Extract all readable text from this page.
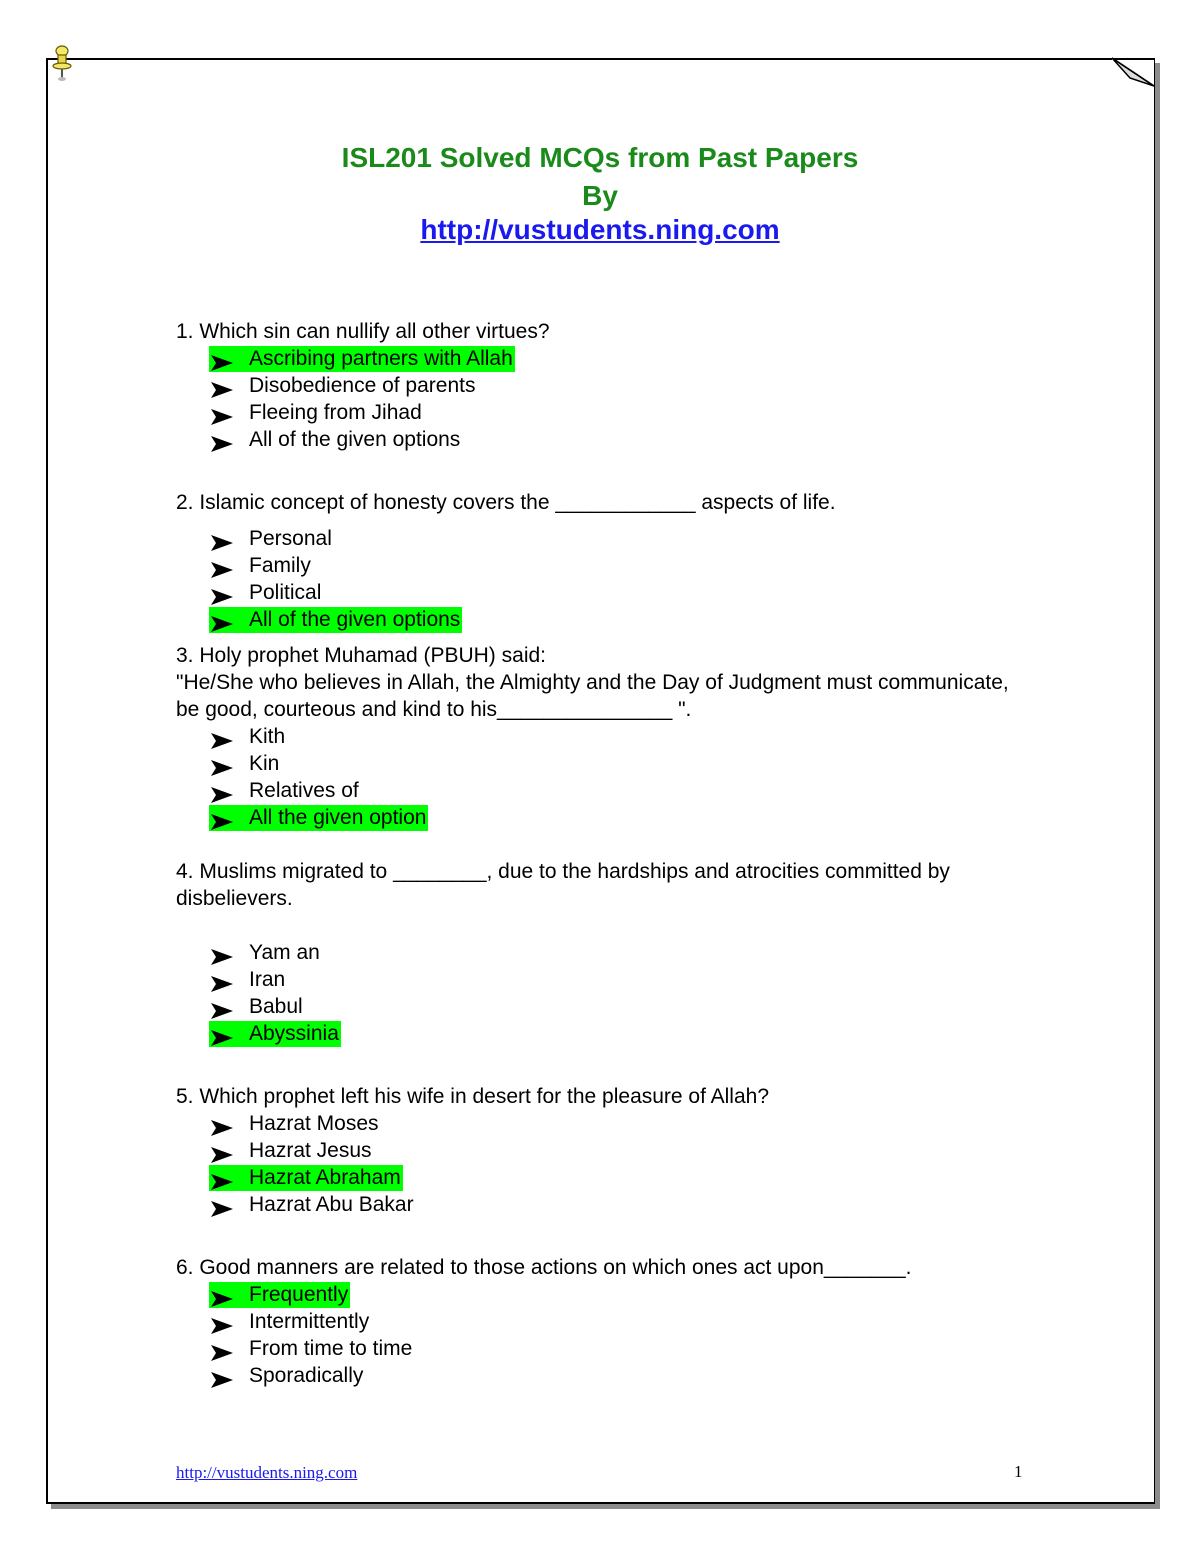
ISL201 Solved MCQs from Past Papers
By
http://vustudents.ning.com
1. Which sin can nullify all other virtues?
Ascribing partners with Allah
Disobedience of parents
Fleeing from Jihad
All of the given options
2. Islamic concept of honesty covers the ____________ aspects of life.
Personal
Family
Political
All of the given options
3. Holy prophet Muhamad (PBUH) said:
"He/She who believes in Allah, the Almighty and the Day of Judgment must communicate, be good, courteous and kind to his_______________ ".
Kith
Kin
Relatives of
All the given option
4. Muslims migrated to ________, due to the hardships and atrocities committed by disbelievers.
Yam an
Iran
Babul
Abyssinia
5. Which prophet left his wife in desert for the pleasure of Allah?
Hazrat Moses
Hazrat Jesus
Hazrat Abraham
Hazrat Abu Bakar
6. Good manners are related to those actions on which ones act upon_______.
Frequently
Intermittently
From time to time
Sporadically
http://vustudents.ning.com	1
